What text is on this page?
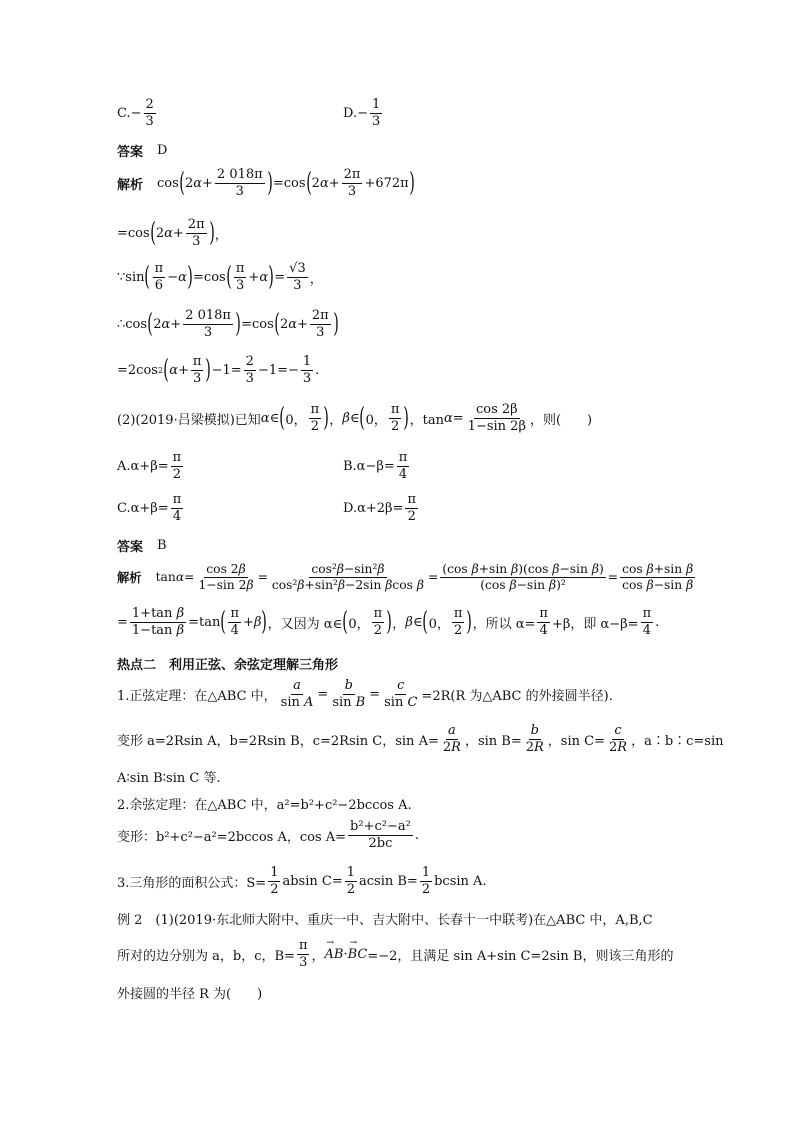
$C.- \frac{2}{3}$	$D.- \frac{1}{3}$
答案 D
解析 cos ( 2 $\alpha + \frac{2 018\pi}{3}$ ) =cos ( 2 $\alpha + \frac{2\pi}{3} +672\pi$ )
=cos ( 2 α +
2π
3 ) ，
∵sin ( π
6
− α ) =cos ( π
3
+ α ) =
√3
3 ，
∴cos ( 2 α +
2 018π
3 ) =cos ( 2 α +
2π
3 )
=2cos 2 ( α +
π
3 ) −1=
2
3
−1=−
1
3
.
(2)(2019·吕梁模拟)已知 α ∈ ( 0，
π
2 ) ， β ∈ ( 0，
π
2 ) ，$\tan \alpha = \frac{\cos 2\beta}{1-\sin 2\beta}$ ，则(　　)
$A.\alpha+\beta= \frac{\pi}{2}$	$B.\alpha-\beta= \frac{\pi}{4}$
$C.\alpha+\beta= \frac{\pi}{4}$	$D.\alpha+2\beta= \frac{\pi}{2}$
答案 B
解析 tan α =
cos 2β
1−sin 2β
=
cos²β−sin²β
cos²β+sin²β−2sin βcos β
=
(cos β+sin β)(cos β−sin β)
(cos β−sin β)²
=
cos β+sin β
cos β−sin β
=
1+tan β
1−tan β
=tan ( π
4
+ β ) ，又因为 α∈ ( 0，
π
2 ) ， β ∈ ( 0，
π
2 ) ，所以 $\alpha= \frac{\pi}{4} +\beta$，即 $\alpha-\beta= \frac{\pi}{4}$ .
热点二　利用正弦、余弦定理解三角形
1.正弦定理：在△ABC 中，
a
sin A
=
b
sin B
= $\frac{c}{\text{sin C}} =2R(R$ 为△ABC 的外接圆半径).
变形 a=2Rsin A，b=2Rsin B，c=2Rsin C，$\sin A= \frac{a}{2R}$ ，$\sin B= \frac{b}{2R}$ ，$\sin C= \frac{c}{2R}$ ，a∶b∶c=sin
A∶sin B∶sin C 等.
2.余弦定理：在△ABC 中，a²=b²+c²−2bccos A.
变形：b²+c²−a²=2bccos A，$\cos A= \frac{\text{b²+c²−a²}}{2bc}$ .
3.三角形的面积公式：$S= \frac{1}{2}$ absin $C= \frac{1}{2}$ acsin $B= \frac{1}{2}$ bcsin A.
例 2　(1)(2019·东北师大附中、重庆一中、吉大附中、长春十一中联考)在△ABC 中，A,B,C
所对的边分别为 a，b，c，$B= \frac{\pi}{3}$ ， → AB · → BC =−2，且满足 sin A+sin C=2sin B，则该三角形的
外接圆的半径 R 为(　　)
